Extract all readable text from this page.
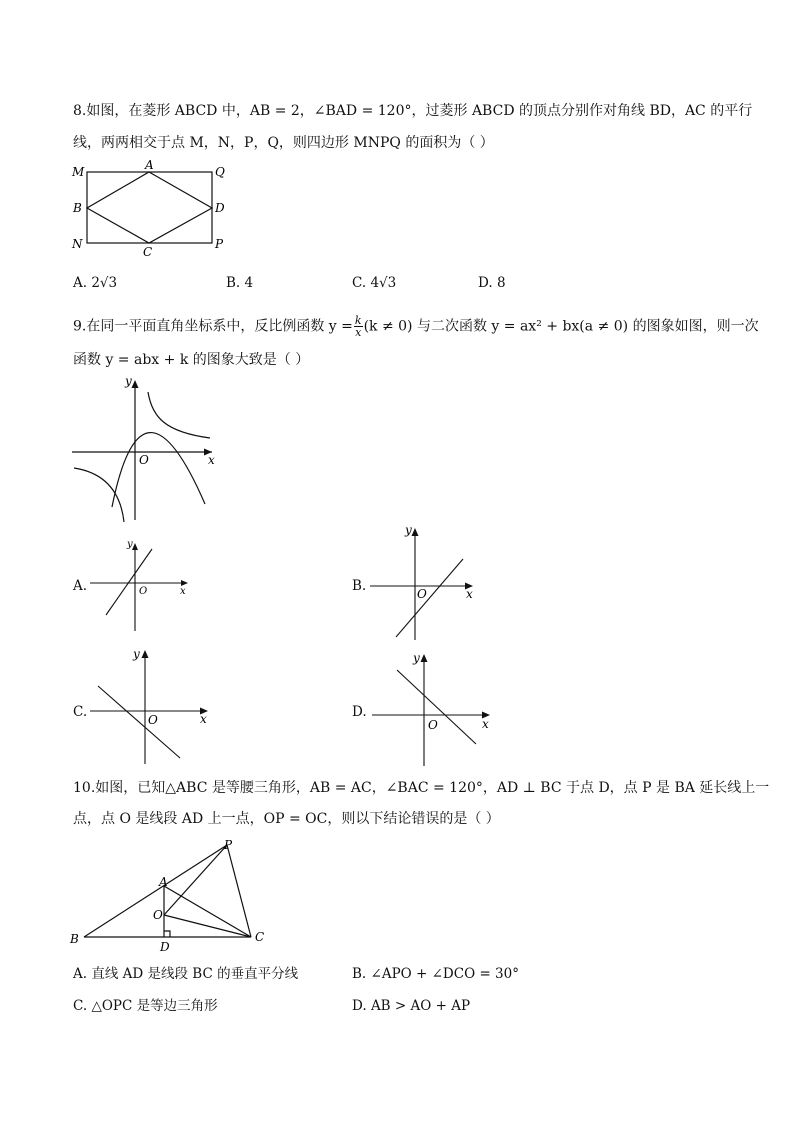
8.如图，在菱形 ABCD 中，AB = 2，∠BAD = 120°，过菱形 ABCD 的顶点分别作对角线 BD，AC 的平行
线，两两相交于点 M，N，P，Q，则四边形 MNPQ 的面积为（ ）
M	A	Q
B	D
N
C
P
A. 2√3	B. 4	C. 4√3	D. 8
9.在同一平面直角坐标系中，反比例函数 $y = \frac{k}{x} (k \ne 0)$ 与二次函数 y = ax² + bx(a ≠ 0) 的图象如图，则一次
函数 y = abx + k 的图象大致是（ ）
y
x
O
A.
y
x
O	B.
y
x
O
C.
y
x
O	D.
y
x
O
10.如图，已知△ABC 是等腰三角形，AB = AC，∠BAC = 120°，AD ⊥ BC 于点 D，点 P 是 BA 延长线上一
点，点 O 是线段 AD 上一点，OP = OC，则以下结论错误的是（ ）
P
A
O
B
D
C
A. 直线 AD 是线段 BC 的垂直平分线	B. ∠APO + ∠DCO = 30°
C. △OPC 是等边三角形	D. AB > AO + AP
